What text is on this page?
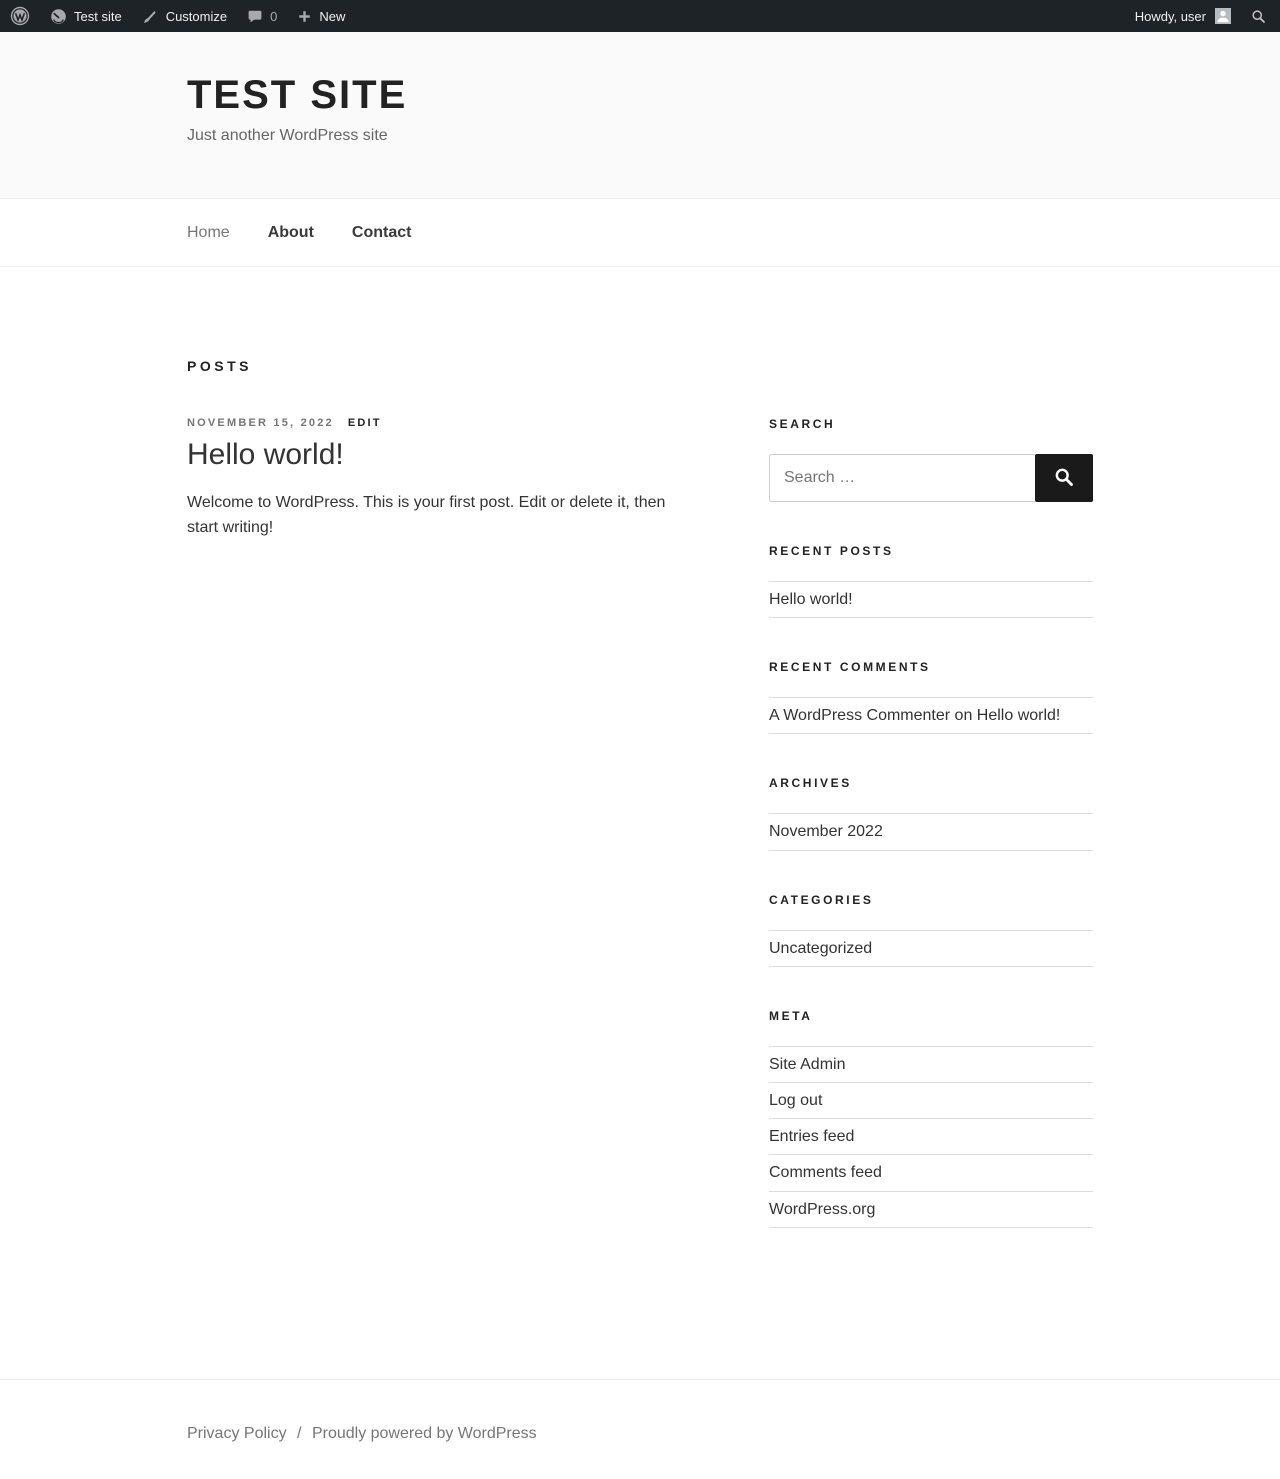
Test site	Customize	0	New	Howdy, user
TEST SITE

Just another WordPress site

Home About Contact
POSTS
NOVEMBER 15, 2022 EDIT
Hello world!

Welcome to WordPress. This is your first post. Edit or delete it, then start writing!

SEARCH
Search …
RECENT POSTS
Hello world!
RECENT COMMENTS
A WordPress Commenter on Hello world!
ARCHIVES
November 2022
CATEGORIES
Uncategorized
META
Site Admin
Log out
Entries feed
Comments feed
WordPress.org
Privacy Policy / Proudly powered by WordPress
